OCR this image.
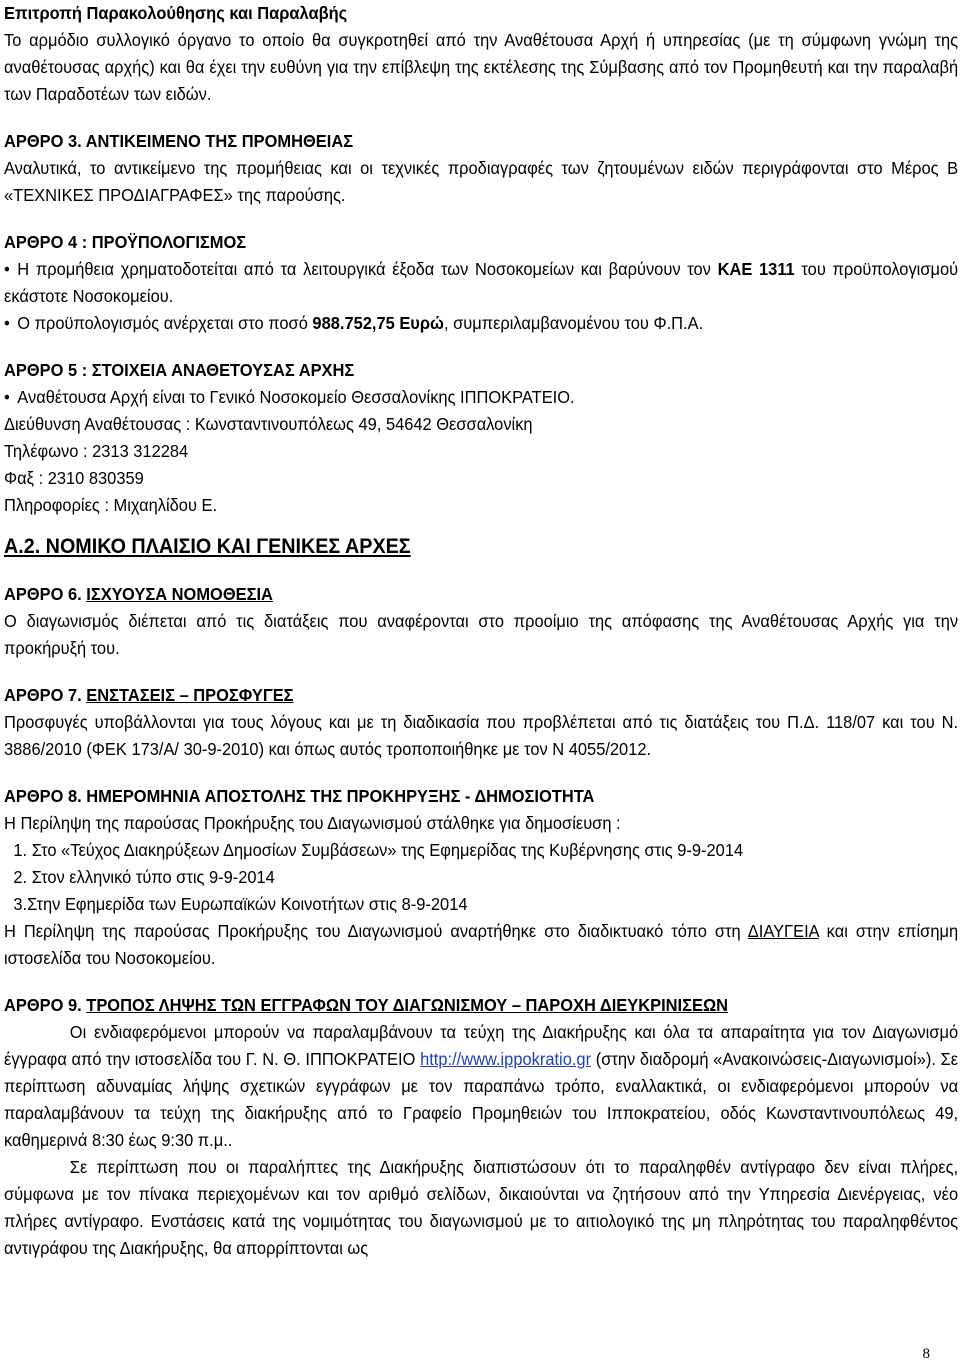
Επιτροπή Παρακολούθησης και Παραλαβής

Το αρμόδιο συλλογικό όργανο το οποίο θα συγκροτηθεί από την Αναθέτουσα Αρχή ή υπηρεσίας (με τη σύμφωνη γνώμη της αναθέτουσας αρχής) και θα έχει την ευθύνη για την επίβλεψη της εκτέλεσης της Σύμβασης από τον Προμηθευτή και την παραλαβή των Παραδοτέων των ειδών.

ΑΡΘΡΟ 3. ΑΝΤΙΚΕΙΜΕΝΟ ΤΗΣ ΠΡΟΜΗΘΕΙΑΣ

Αναλυτικά, το αντικείμενο της προμήθειας και οι τεχνικές προδιαγραφές των ζητουμένων ειδών περιγράφονται στο Μέρος Β «ΤΕΧΝΙΚΕΣ ΠΡΟΔΙΑΓΡΑΦΕΣ» της παρούσης.

ΑΡΘΡΟ 4 : ΠΡΟΫΠΟΛΟΓΙΣΜΟΣ

• Η προμήθεια χρηματοδοτείται από τα λειτουργικά έξοδα των Νοσοκομείων και βαρύνουν τον ΚΑΕ 1311 του προϋπολογισμού εκάστοτε Νοσοκομείου.

• Ο προϋπολογισμός ανέρχεται στο ποσό 988.752,75 Ευρώ, συμπεριλαμβανομένου του Φ.Π.Α.

ΑΡΘΡΟ 5 : ΣΤΟΙΧΕΙΑ ΑΝΑΘΕΤΟΥΣΑΣ ΑΡΧΗΣ

• Αναθέτουσα Αρχή είναι το Γενικό Νοσοκομείο Θεσσαλονίκης ΙΠΠΟΚΡΑΤΕΙΟ.

Διεύθυνση Αναθέτουσας : Κωνσταντινουπόλεως 49, 54642 Θεσσαλονίκη

Τηλέφωνο : 2313 312284

Φαξ : 2310 830359

Πληροφορίες : Μιχαηλίδου Ε.

Α.2. ΝΟΜΙΚΟ ΠΛΑΙΣΙΟ ΚΑΙ ΓΕΝΙΚΕΣ ΑΡΧΕΣ

ΑΡΘΡΟ 6. ΙΣΧΥΟΥΣΑ ΝΟΜΟΘΕΣΙΑ

Ο διαγωνισμός διέπεται από τις διατάξεις που αναφέρονται στο προοίμιο της απόφασης της Αναθέτουσας Αρχής για την προκήρυξή του.

ΑΡΘΡΟ 7. ΕΝΣΤΑΣΕΙΣ – ΠΡΟΣΦΥΓΕΣ

Προσφυγές υποβάλλονται για τους λόγους και με τη διαδικασία που προβλέπεται από τις διατάξεις του Π.Δ. 118/07 και του Ν. 3886/2010 (ΦΕΚ 173/Α/ 30-9-2010) και όπως αυτός τροποποιήθηκε με τον Ν 4055/2012.

ΑΡΘΡΟ 8. ΗΜΕΡΟΜΗΝΙΑ ΑΠΟΣΤΟΛΗΣ ΤΗΣ ΠΡΟΚΗΡΥΞΗΣ - ΔΗΜΟΣΙΟΤΗΤΑ

Η Περίληψη της παρούσας Προκήρυξης του Διαγωνισμού στάλθηκε για δημοσίευση :

1. Στο «Τεύχος Διακηρύξεων Δημοσίων Συμβάσεων» της Εφημερίδας της Κυβέρνησης στις 9-9-2014

2. Στον ελληνικό τύπο στις 9-9-2014

3.Στην Εφημερίδα των Ευρωπαϊκών Κοινοτήτων στις 8-9-2014

Η Περίληψη της παρούσας Προκήρυξης του Διαγωνισμού αναρτήθηκε στο διαδικτυακό τόπο στη ΔΙΑΥΓΕΙΑ και στην επίσημη ιστοσελίδα του Νοσοκομείου.

ΑΡΘΡΟ 9. ΤΡΟΠΟΣ ΛΗΨΗΣ ΤΩΝ ΕΓΓΡΑΦΩΝ ΤΟΥ ΔΙΑΓΩΝΙΣΜΟΥ – ΠΑΡΟΧΗ ΔΙΕΥΚΡΙΝΙΣΕΩΝ

Οι ενδιαφερόμενοι μπορούν να παραλαμβάνουν τα τεύχη της Διακήρυξης και όλα τα απαραίτητα για τον Διαγωνισμό έγγραφα από την ιστοσελίδα του Γ. Ν. Θ. ΙΠΠΟΚΡΑΤΕΙΟ http://www.ippokratio.gr (στην διαδρομή «Ανακοινώσεις-Διαγωνισμοί»). Σε περίπτωση αδυναμίας λήψης σχετικών εγγράφων με τον παραπάνω τρόπο, εναλλακτικά, οι ενδιαφερόμενοι μπορούν να παραλαμβάνουν τα τεύχη της διακήρυξης από το Γραφείο Προμηθειών του Ιπποκρατείου, οδός Κωνσταντινουπόλεως 49, καθημερινά 8:30 έως 9:30 π.μ..

Σε περίπτωση που οι παραλήπτες της Διακήρυξης διαπιστώσουν ότι το παραληφθέν αντίγραφο δεν είναι πλήρες, σύμφωνα με τον πίνακα περιεχομένων και τον αριθμό σελίδων, δικαιούνται να ζητήσουν από την Υπηρεσία Διενέργειας, νέο πλήρες αντίγραφο. Ενστάσεις κατά της νομιμότητας του διαγωνισμού με το αιτιολογικό της μη πληρότητας του παραληφθέντος αντιγράφου της Διακήρυξης, θα απορρίπτονται ως

8
